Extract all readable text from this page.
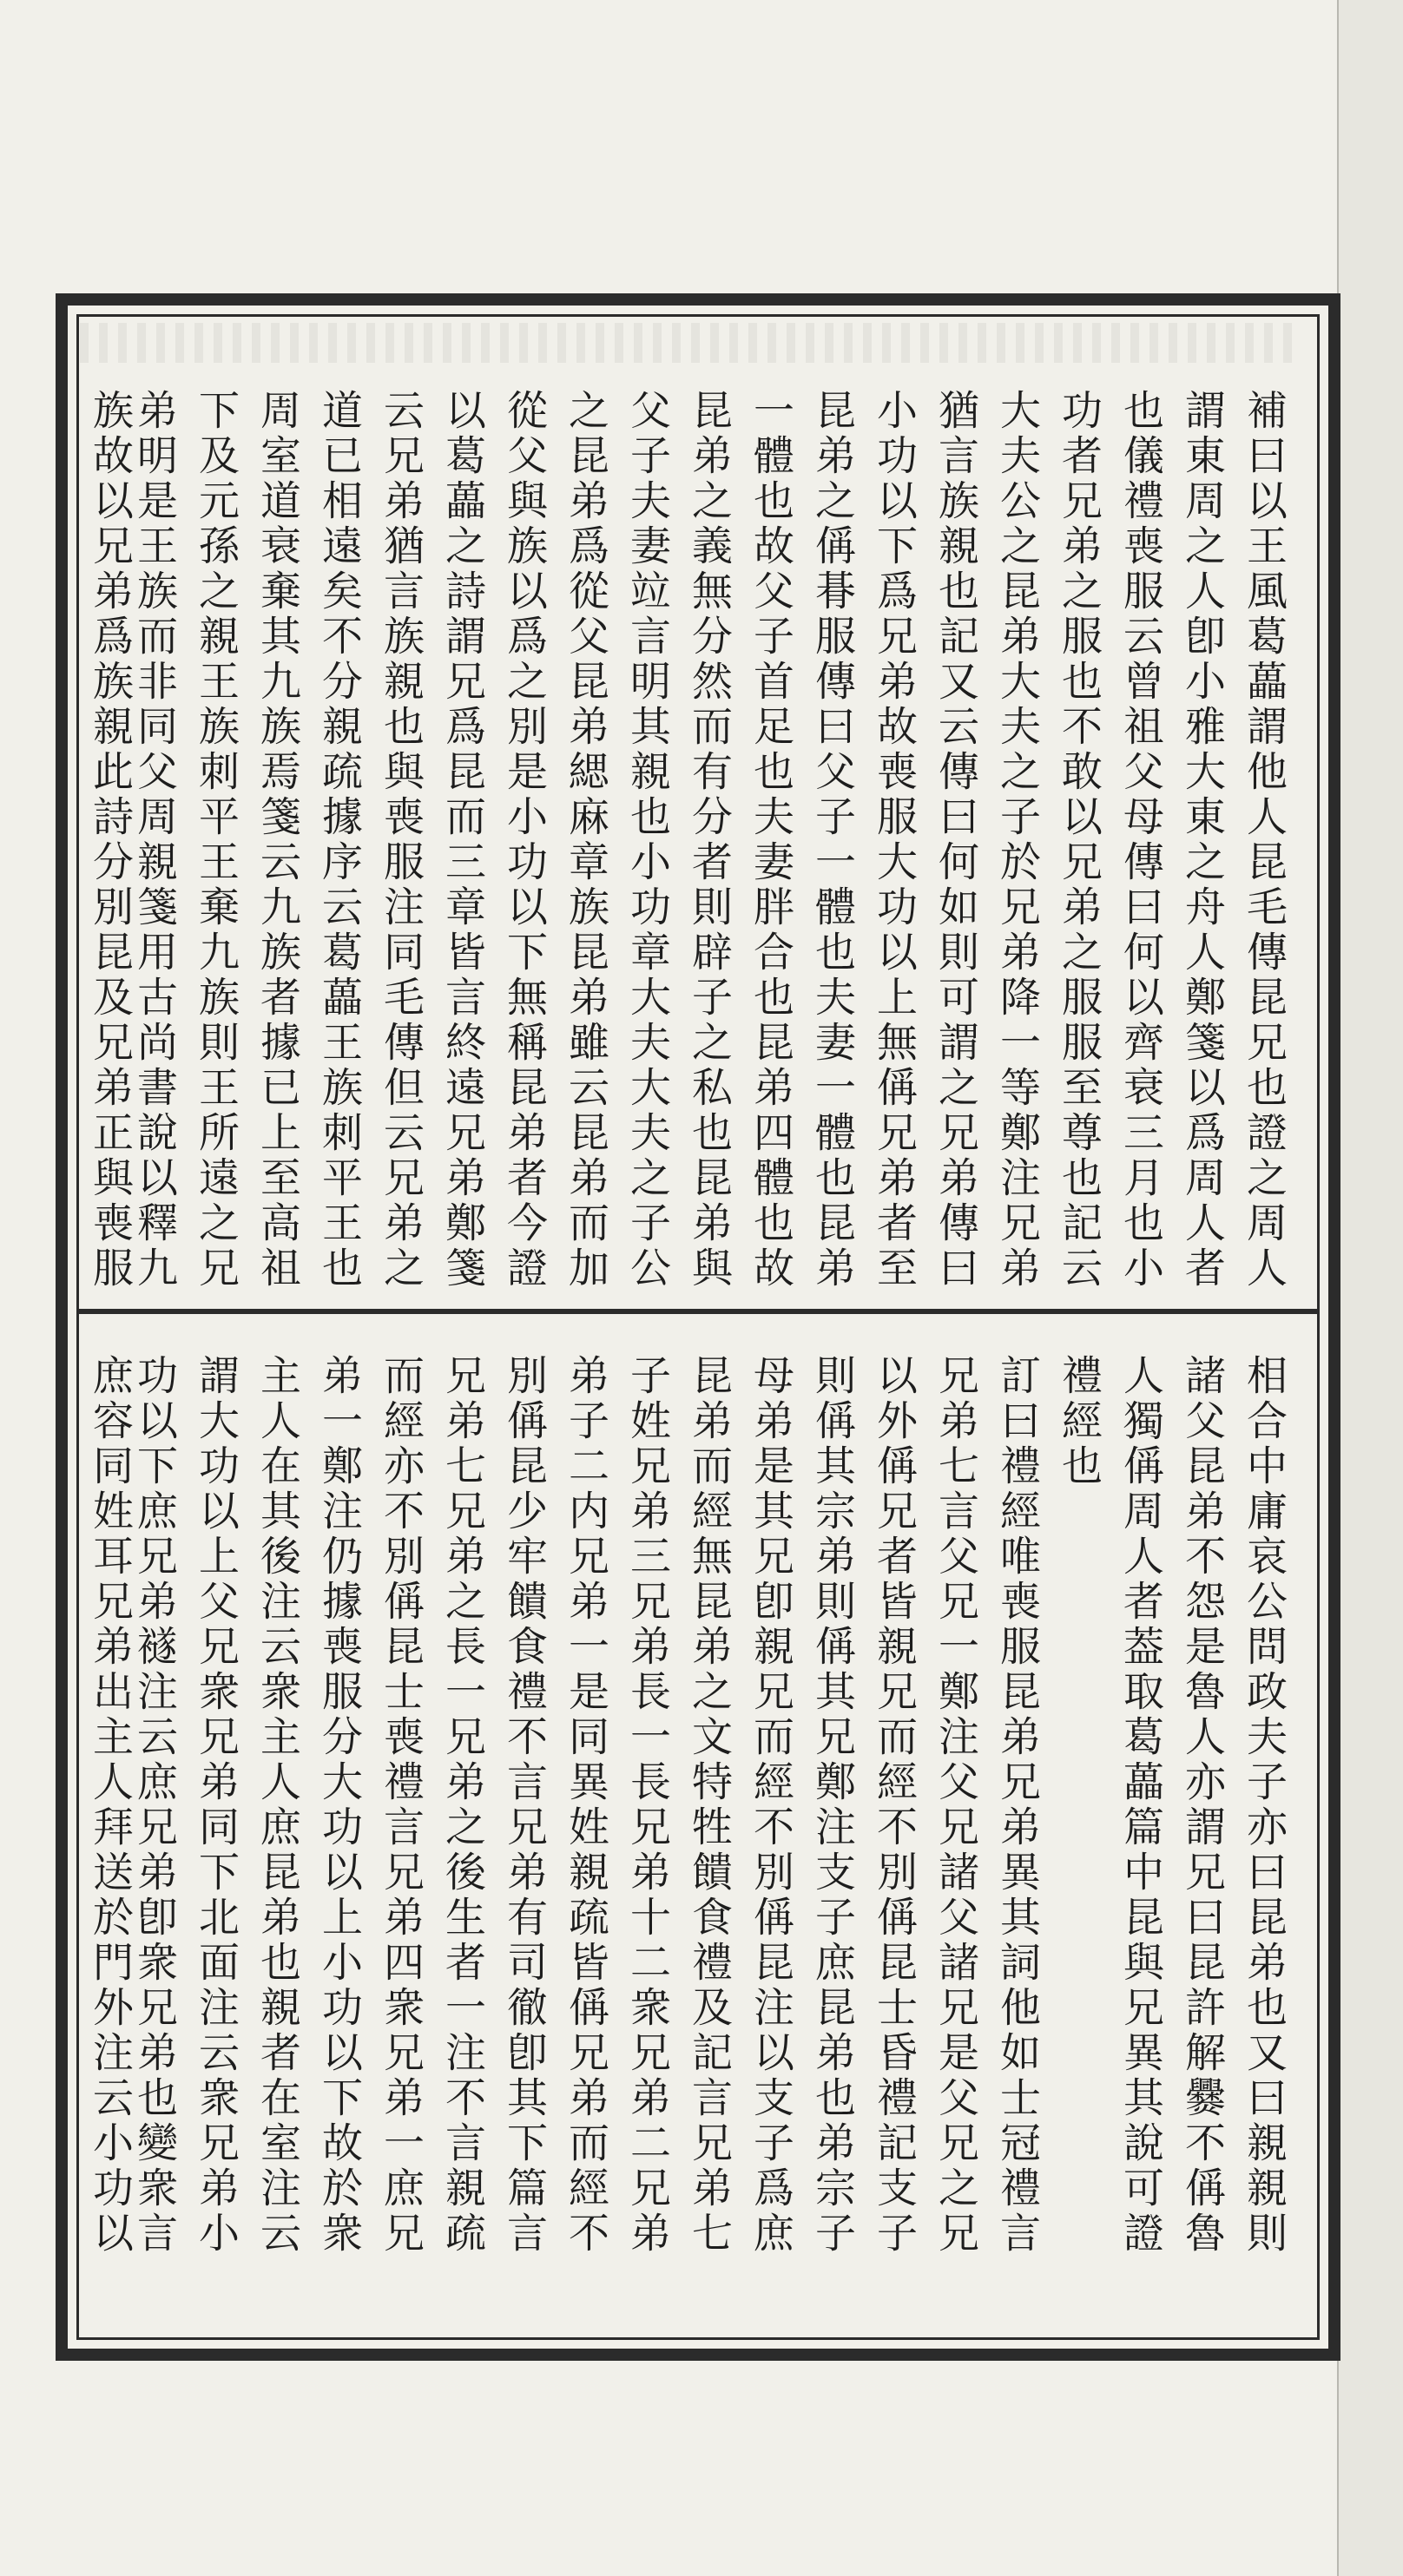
補曰以王風葛藟謂他人昆毛傳昆兄也證之周人
謂東周之人卽小雅大東之舟人鄭箋以爲周人者
也儀禮喪服云曾祖父母傳曰何以齊衰三月也小
功者兄弟之服也不敢以兄弟之服服至尊也記云
大夫公之昆弟大夫之子於兄弟降一等鄭注兄弟
猶言族親也記又云傳曰何如則可謂之兄弟傳曰
小功以下爲兄弟故喪服大功以上無偁兄弟者至
昆弟之偁朞服傳曰父子一體也夫妻一體也昆弟
一體也故父子首足也夫妻胖合也昆弟四體也故
昆弟之義無分然而有分者則辟子之私也昆弟與
父子夫妻竝言明其親也小功章大夫大夫之子公
之昆弟爲從父昆弟緦麻章族昆弟雖云昆弟而加
從父與族以爲之別是小功以下無稱昆弟者今證
以葛藟之詩謂兄爲昆而三章皆言終遠兄弟鄭箋
云兄弟猶言族親也與喪服注同毛傳但云兄弟之
道已相遠矣不分親疏據序云葛藟王族刺平王也
周室道衰棄其九族焉箋云九族者據已上至高祖
下及元孫之親王族刺平王棄九族則王所遠之兄
弟明是王族而非同父周親箋用古尚書說以釋九
族故以兄弟爲族親此詩分別昆及兄弟正與喪服
相合中庸哀公問政夫子亦曰昆弟也又曰親親則
諸父昆弟不怨是魯人亦謂兄曰昆許解爨不偁魯
人獨偁周人者葢取葛藟篇中昆與兄異其說可證
禮經也
訂曰禮經唯喪服昆弟兄弟異其詞他如士冠禮言
兄弟七言父兄一鄭注父兄諸父諸兄是父兄之兄
以外偁兄者皆親兄而經不別偁昆士昏禮記支子
則偁其宗弟則偁其兄鄭注支子庶昆弟也弟宗子
母弟是其兄卽親兄而經不別偁昆注以支子爲庶
昆弟而經無昆弟之文特牲饋食禮及記言兄弟七
子姓兄弟三兄弟長一長兄弟十二衆兄弟二兄弟
弟子二内兄弟一是同異姓親疏皆偁兄弟而經不
別偁昆少牢饋食禮不言兄弟有司徹卽其下篇言
兄弟七兄弟之長一兄弟之後生者一注不言親疏
而經亦不別偁昆士喪禮言兄弟四衆兄弟一庶兄
弟一鄭注仍據喪服分大功以上小功以下故於衆
主人在其後注云衆主人庶昆弟也親者在室注云
謂大功以上父兄衆兄弟同下北面注云衆兄弟小
功以下庶兄弟襚注云庶兄弟卽衆兄弟也變衆言
庶容同姓耳兄弟出主人拜送於門外注云小功以
